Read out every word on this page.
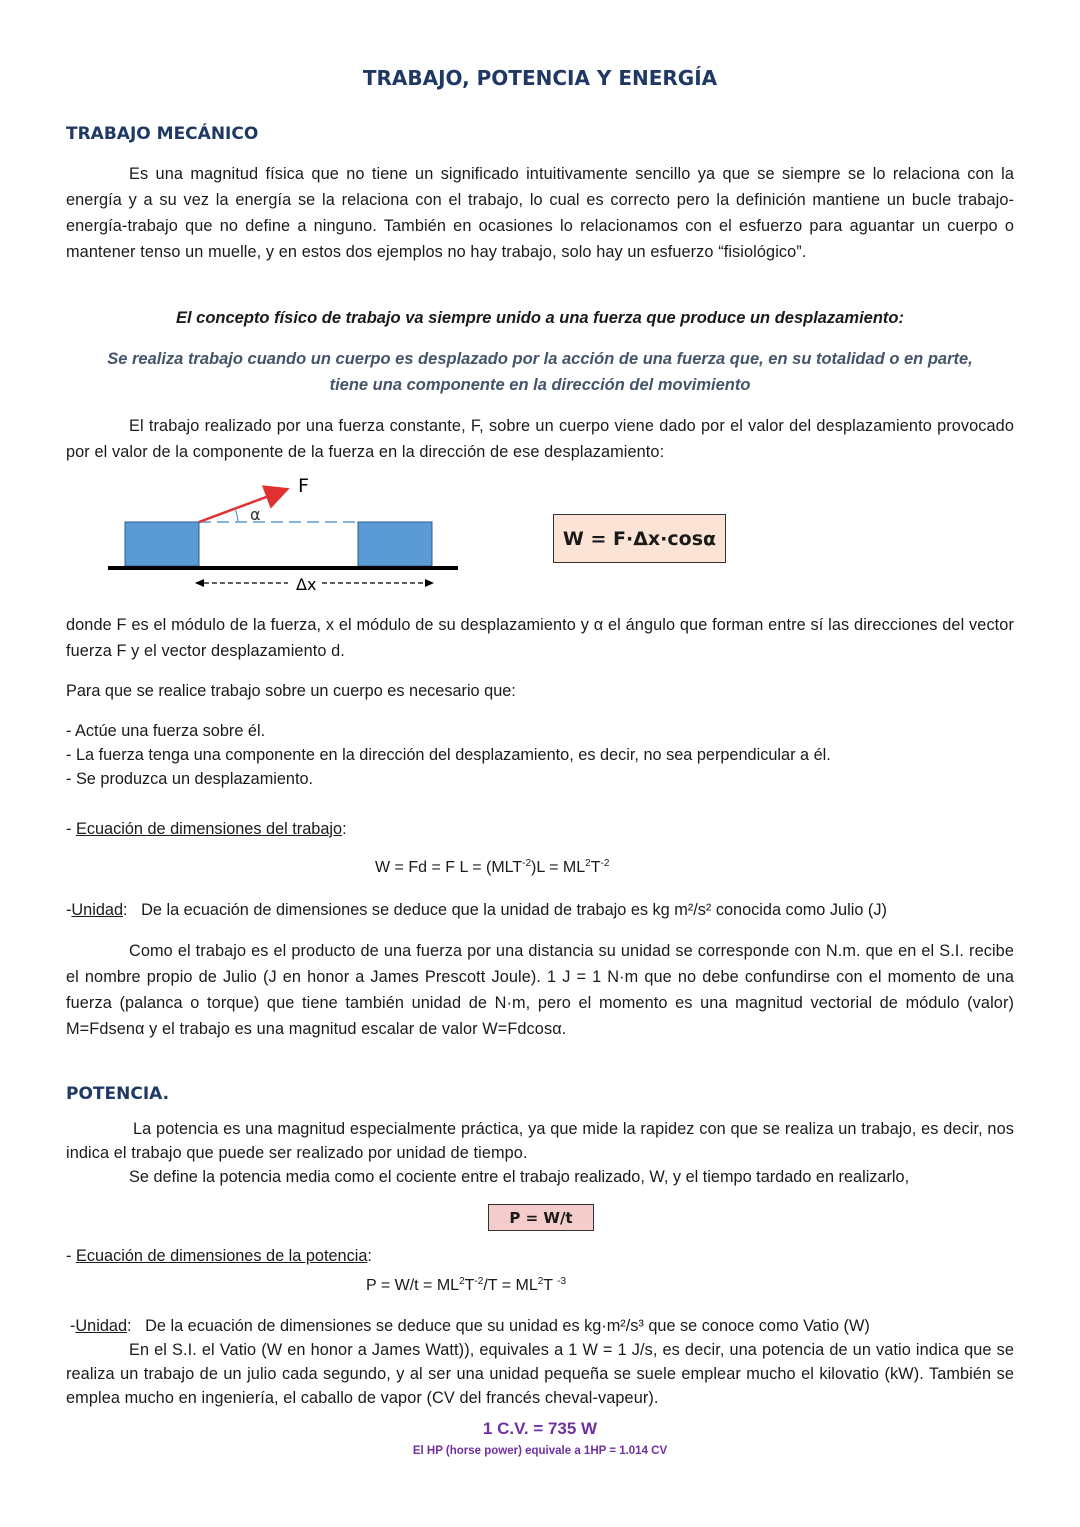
TRABAJO, POTENCIA Y ENERGÍA
TRABAJO MECÁNICO
Es una magnitud física que no tiene un significado intuitivamente sencillo ya que se siempre se lo relaciona con la energía y a su vez la energía se la relaciona con el trabajo, lo cual es correcto pero la definición mantiene un bucle trabajo-energía-trabajo que no define a ninguno. También en ocasiones lo relacionamos con el esfuerzo para aguantar un cuerpo o mantener tenso un muelle, y en estos dos ejemplos no hay trabajo, solo hay un esfuerzo “fisiológico”.
El concepto físico de trabajo va siempre unido a una fuerza que produce un desplazamiento:
Se realiza trabajo cuando un cuerpo es desplazado por la acción de una fuerza que, en su totalidad o en parte,
tiene una componente en la dirección del movimiento
El trabajo realizado por una fuerza constante, F, sobre un cuerpo viene dado por el valor del desplazamiento provocado por el valor de la componente de la fuerza en la dirección de ese desplazamiento:
α
F
Δx
W = F·Δx·cosα
donde F es el módulo de la fuerza, x el módulo de su desplazamiento y α el ángulo que forman entre sí las direcciones del vector fuerza F y el vector desplazamiento d.
Para que se realice trabajo sobre un cuerpo es necesario que:
- Actúe una fuerza sobre él.
- La fuerza tenga una componente en la dirección del desplazamiento, es decir, no sea perpendicular a él.
- Se produzca un desplazamiento.
- Ecuación de dimensiones del trabajo:
W = Fd = F $L = (MLT^{-2})L = ML^2T^{-2}$
-Unidad:   De la ecuación de dimensiones se deduce que la unidad de trabajo es kg m²/s² conocida como Julio (J)
Como el trabajo es el producto de una fuerza por una distancia su unidad se corresponde con N.m. que en el S.I. recibe el nombre propio de Julio (J en honor a James Prescott Joule). 1 J = 1 N·m que no debe confundirse con el momento de una fuerza (palanca o torque) que tiene también unidad de N·m, pero el momento es una magnitud vectorial de módulo (valor) M=Fdsenα y el trabajo es una magnitud escalar de valor W=Fdcosα.
POTENCIA.
La potencia es una magnitud especialmente práctica, ya que mide la rapidez con que se realiza un trabajo, es decir, nos indica el trabajo que puede ser realizado por unidad de tiempo.
Se define la potencia media como el cociente entre el trabajo realizado, W, y el tiempo tardado en realizarlo,
P = W/t
- Ecuación de dimensiones de la potencia:
$P = W/t = ML^2T^{-2}/T = ML^2T$ $^{-3}$
-Unidad:   De la ecuación de dimensiones se deduce que su unidad es kg·m²/s³ que se conoce como Vatio (W)
En el S.I. el Vatio (W en honor a James Watt)), equivales a 1 W = 1 J/s, es decir, una potencia de un vatio indica que se realiza un trabajo de un julio cada segundo, y al ser una unidad pequeña se suele emplear mucho el kilovatio (kW). También se emplea mucho en ingeniería, el caballo de vapor (CV del francés cheval-vapeur).
1 C.V. = 735 W
El HP (horse power) equivale a 1HP = 1.014 CV
